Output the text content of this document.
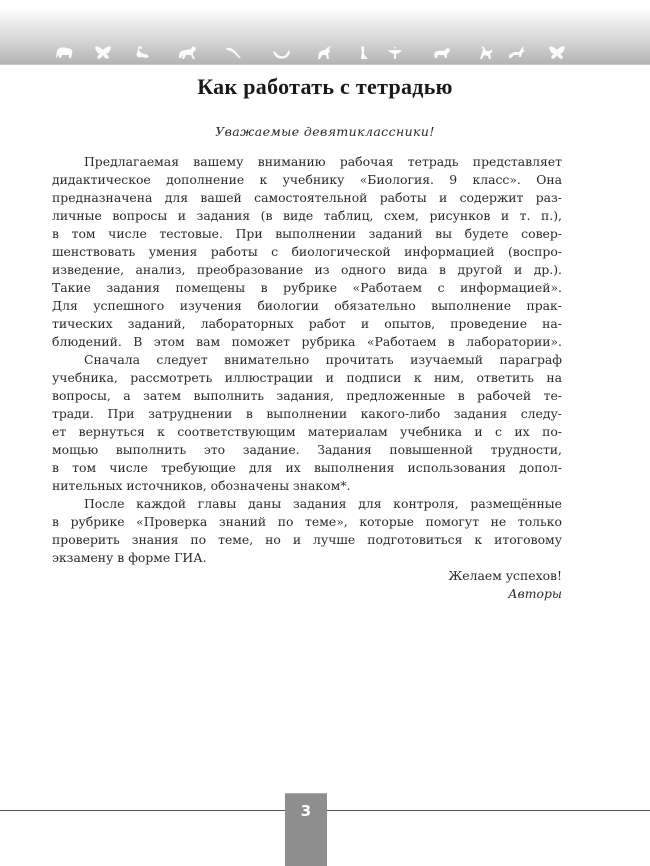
Как работать с тетрадью
Уважаемые девятиклассники!
Предлагаемая вашему вниманию рабочая тетрадь представляет
дидактическое дополнение к учебнику «Биология. 9 класс». Она
предназначена для вашей самостоятельной работы и содержит раз-
личные вопросы и задания (в виде таблиц, схем, рисунков и т. п.),
в том числе тестовые. При выполнении заданий вы будете совер-
шенствовать умения работы с биологической информацией (воспро-
изведение, анализ, преобразование из одного вида в другой и др.).
Такие задания помещены в рубрике «Работаем с информацией».
Для успешного изучения биологии обязательно выполнение прак-
тических заданий, лабораторных работ и опытов, проведение на-
блюдений. В этом вам поможет рубрика «Работаем в лаборатории».
Сначала следует внимательно прочитать изучаемый параграф
учебника, рассмотреть иллюстрации и подписи к ним, ответить на
вопросы, а затем выполнить задания, предложенные в рабочей те-
тради. При затруднении в выполнении какого-либо задания следу-
ет вернуться к соответствующим материалам учебника и с их по-
мощью выполнить это задание. Задания повышенной трудности,
в том числе требующие для их выполнения использования допол-
нительных источников, обозначены знаком*.
После каждой главы даны задания для контроля, размещённые
в рубрике «Проверка знаний по теме», которые помогут не только
проверить знания по теме, но и лучше подготовиться к итоговому
экзамену в форме ГИА.
Желаем успехов!
Авторы
3
